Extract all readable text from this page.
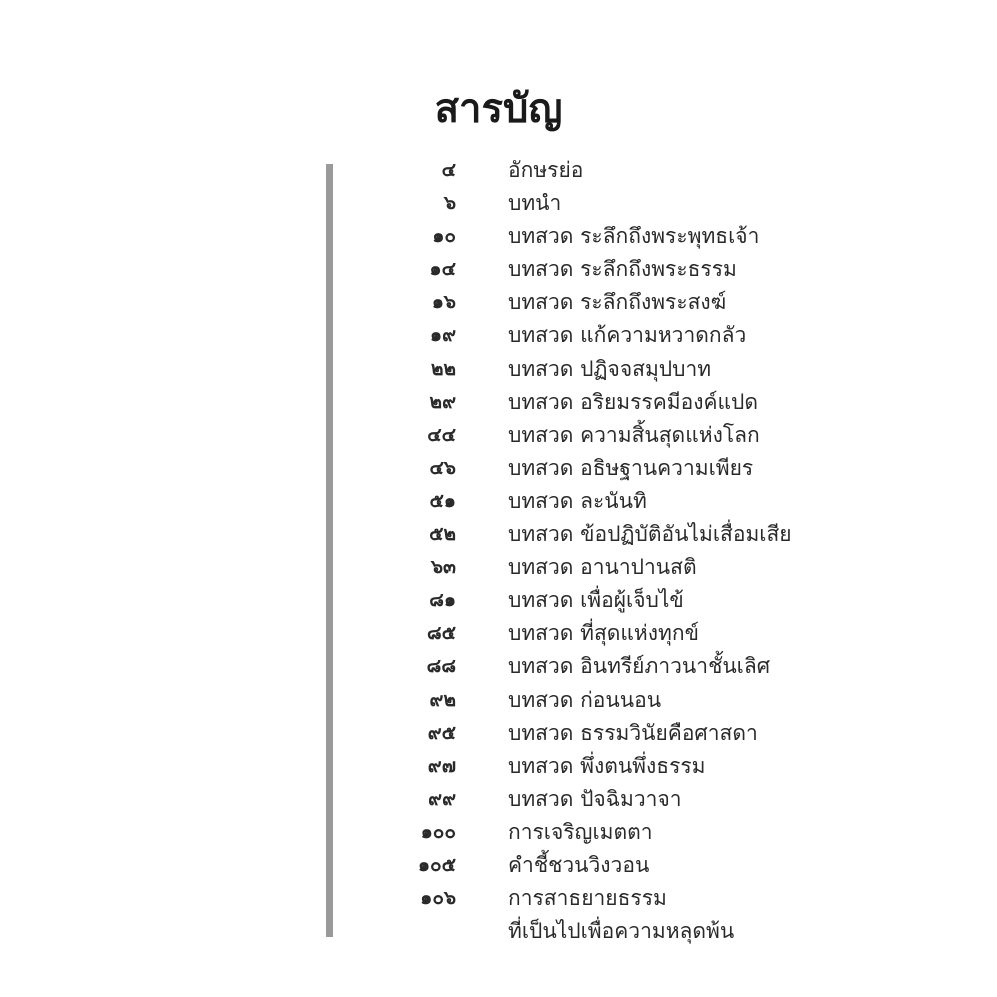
สารบัญ
๔ อักษรย่อ
๖ บทนำ
๑๐ บทสวด ระลึกถึงพระพุทธเจ้า
๑๔ บทสวด ระลึกถึงพระธรรม
๑๖ บทสวด ระลึกถึงพระสงฆ์
๑๙ บทสวด แก้ความหวาดกลัว
๒๒ บทสวด ปฏิจจสมุปบาท
๒๙ บทสวด อริยมรรคมีองค์แปด
๔๔ บทสวด ความสิ้นสุดแห่งโลก
๔๖ บทสวด อธิษฐานความเพียร
๕๑ บทสวด ละนันทิ
๕๒ บทสวด ข้อปฏิบัติอันไม่เสื่อมเสีย
๖๓ บทสวด อานาปานสติ
๘๑ บทสวด เพื่อผู้เจ็บไข้
๘๕ บทสวด ที่สุดแห่งทุกข์
๘๘ บทสวด อินทรีย์ภาวนาชั้นเลิศ
๙๒ บทสวด ก่อนนอน
๙๕ บทสวด ธรรมวินัยคือศาสดา
๙๗ บทสวด พึ่งตนพึ่งธรรม
๙๙ บทสวด ปัจฉิมวาจา
๑๐๐ การเจริญเมตตา
๑๐๕ คำชี้ชวนวิงวอน
๑๐๖ การสาธยายธรรม
ที่เป็นไปเพื่อความหลุดพ้น
